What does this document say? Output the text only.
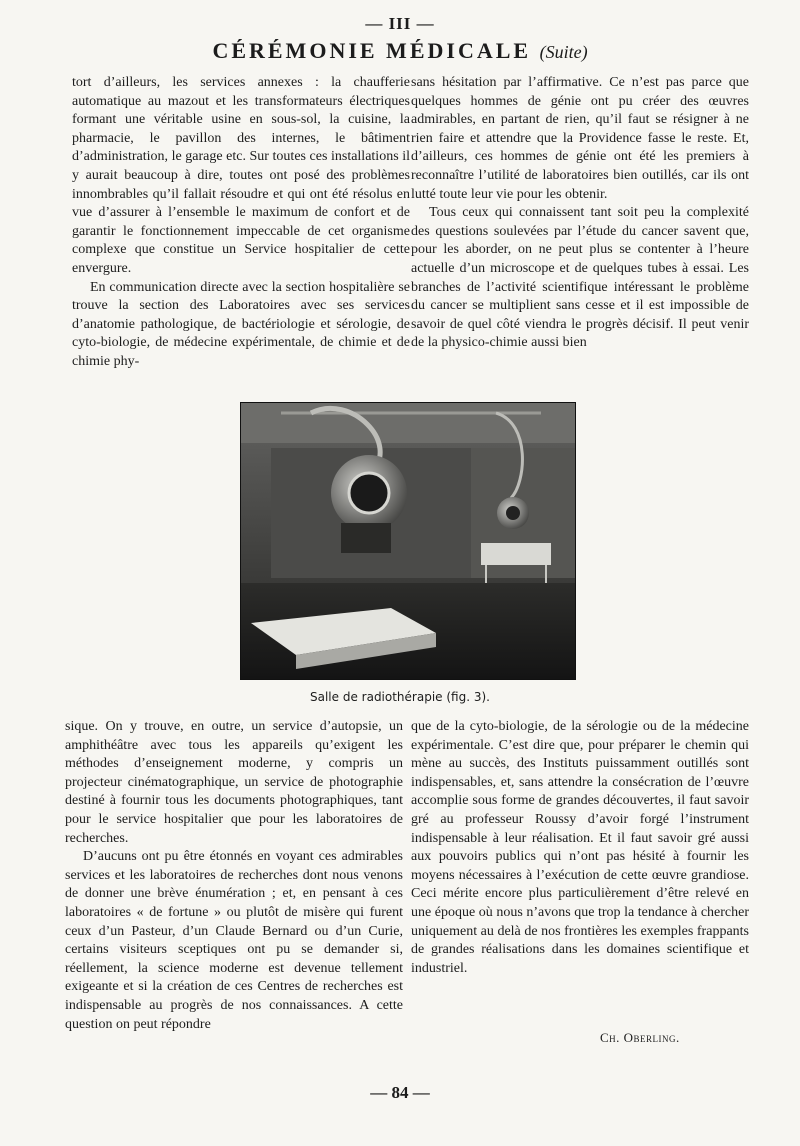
— III —
CÉRÉMONIE MÉDICALE (Suite)

tort d’ailleurs, les services annexes : la chaufferie automatique au mazout et les transformateurs électriques formant une véritable usine en sous-sol, la cuisine, la pharmacie, le pavillon des internes, le bâtiment d’administration, le garage etc. Sur toutes ces installations il y aurait beaucoup à dire, toutes ont posé des problèmes innombrables qu’il fallait résoudre et qui ont été résolus en vue d’assurer à l’ensemble le maximum de confort et de garantir le fonctionnement impeccable de cet organisme complexe que constitue un Service hospitalier de cette envergure.

En communication directe avec la section hospitalière se trouve la section des Laboratoires avec ses services d’anatomie pathologique, de bactériologie et sérologie, de cyto-biologie, de médecine expérimentale, de chimie et de chimie phy-

sans hésitation par l’affirmative. Ce n’est pas parce que quelques hommes de génie ont pu créer des œuvres admirables, en partant de rien, qu’il faut se résigner à ne rien faire et attendre que la Providence fasse le reste. Et, d’ailleurs, ces hommes de génie ont été les premiers à reconnaître l’utilité de laboratoires bien outillés, car ils ont lutté toute leur vie pour les obtenir.

Tous ceux qui connaissent tant soit peu la complexité des questions soulevées par l’étude du cancer savent que, pour les aborder, on ne peut plus se contenter à l’heure actuelle d’un microscope et de quelques tubes à essai. Les branches de l’activité scientifique intéressant le problème du cancer se multiplient sans cesse et il est impossible de savoir de quel côté viendra le progrès décisif. Il peut venir de la physico-chimie aussi bien

Salle de radiothérapie (fig. 3).

sique. On y trouve, en outre, un service d’autopsie, un amphithéâtre avec tous les appareils qu’exigent les méthodes d’enseignement moderne, y compris un projecteur cinématographique, un service de photographie destiné à fournir tous les documents photographiques, tant pour le service hospitalier que pour les laboratoires de recherches.

D’aucuns ont pu être étonnés en voyant ces admirables services et les laboratoires de recherches dont nous venons de donner une brève énumération ; et, en pensant à ces laboratoires « de fortune » ou plutôt de misère qui furent ceux d’un Pasteur, d’un Claude Bernard ou d’un Curie, certains visiteurs sceptiques ont pu se demander si, réellement, la science moderne est devenue tellement exigeante et si la création de ces Centres de recherches est indispensable au progrès de nos connaissances. A cette question on peut répondre

que de la cyto-biologie, de la sérologie ou de la médecine expérimentale. C’est dire que, pour préparer le chemin qui mène au succès, des Instituts puissamment outillés sont indispensables, et, sans attendre la consécration de l’œuvre accomplie sous forme de grandes découvertes, il faut savoir gré au professeur Roussy d’avoir forgé l’instrument indispensable à leur réalisation. Et il faut savoir gré aussi aux pouvoirs publics qui n’ont pas hésité à fournir les moyens nécessaires à l’exécution de cette œuvre grandiose. Ceci mérite encore plus particulièrement d’être relevé en une époque où nous n’avons que trop la tendance à chercher uniquement au delà de nos frontières les exemples frappants de grandes réalisations dans les domaines scientifique et industriel.

Ch. Oberling.
— 84 —
